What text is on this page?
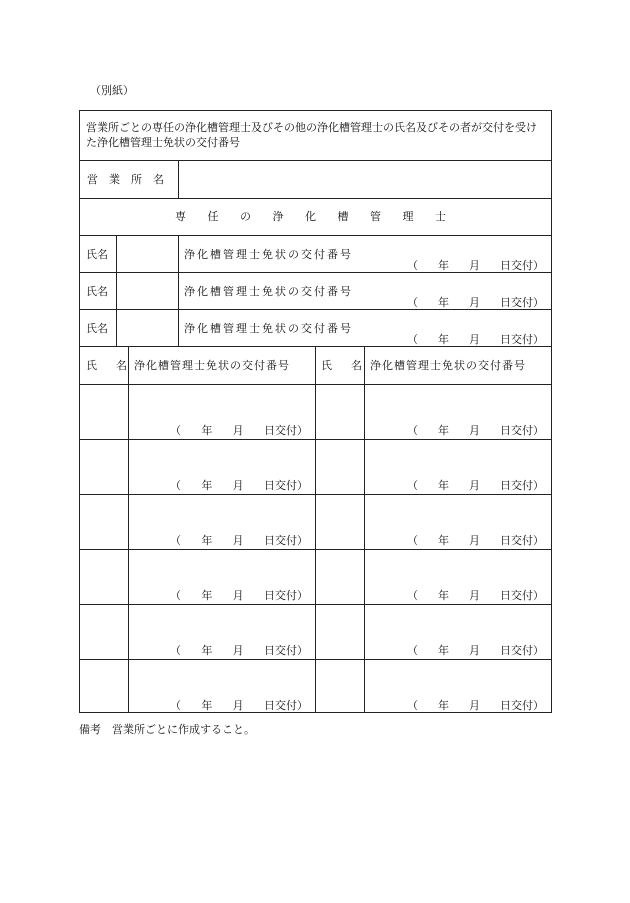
（別紙）
営業所ごとの専任の浄化槽管理士及びその他の浄化槽管理士の氏名及びその者が交付を受けた浄化槽管理士免状の交付番号
営　業　所　名
専 任 の 浄 化 槽 管 理 士
氏名	浄化槽管理士免状の交付番号
（ 年 月 日交付）
氏名	浄化槽管理士免状の交付番号
（ 年 月 日交付）
氏名	浄化槽管理士免状の交付番号
（ 年 月 日交付）
氏　名 浄化槽管理士免状の交付番号	氏　名 浄化槽管理士免状の交付番号
（ 年 月 日交付）	（ 年 月 日交付）
（ 年 月 日交付）	（ 年 月 日交付）
（ 年 月 日交付）	（ 年 月 日交付）
（ 年 月 日交付）	（ 年 月 日交付）
（ 年 月 日交付）	（ 年 月 日交付）
（ 年 月 日交付）	（ 年 月 日交付）
備考　営業所ごとに作成すること。
